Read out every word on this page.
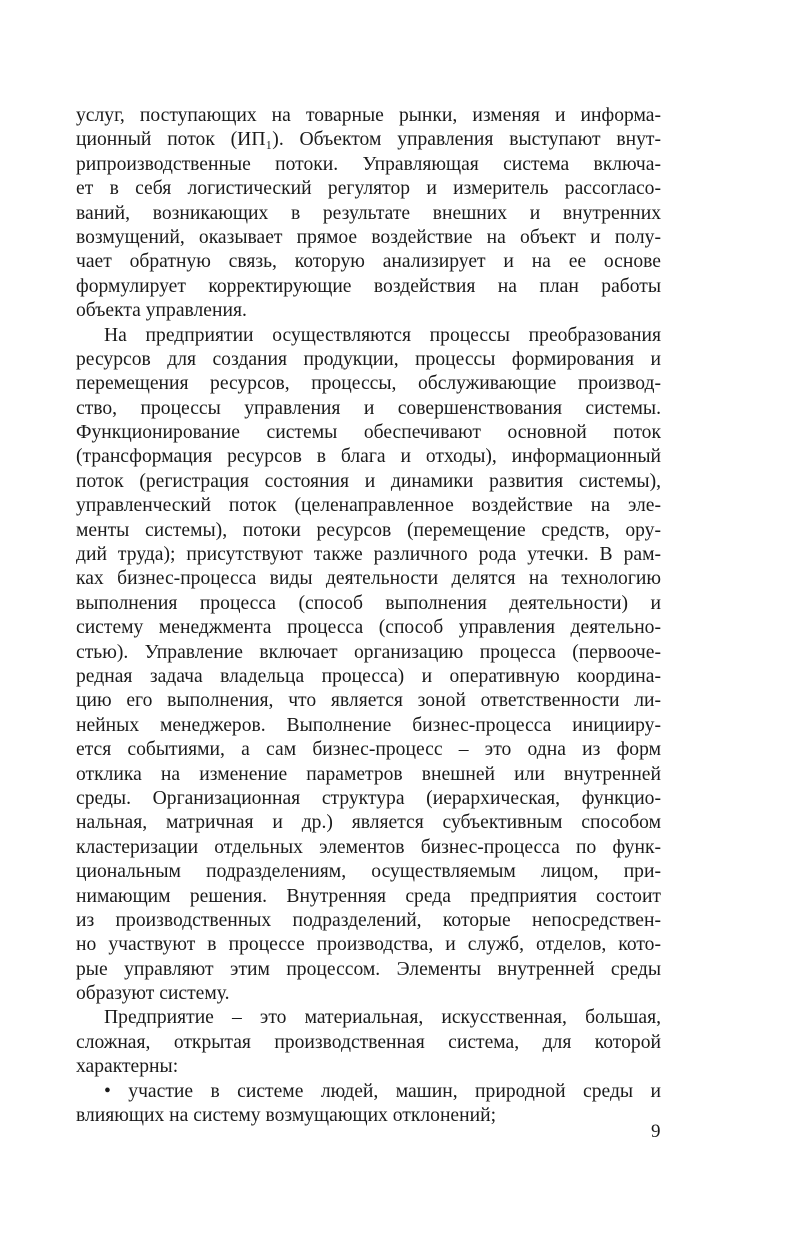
услуг, поступающих на товарные рынки, изменяя и информа-
ционный поток (ИП₁). Объектом управления выступают внут-
рипроизводственные потоки. Управляющая система включа-
ет в себя логистический регулятор и измеритель рассогласо-
ваний, возникающих в результате внешних и внутренних
возмущений, оказывает прямое воздействие на объект и полу-
чает обратную связь, которую анализирует и на ее основе
формулирует корректирующие воздействия на план работы
объекта управления.
На предприятии осуществляются процессы преобразования
ресурсов для создания продукции, процессы формирования и
перемещения ресурсов, процессы, обслуживающие производ-
ство, процессы управления и совершенствования системы.
Функционирование системы обеспечивают основной поток
(трансформация ресурсов в блага и отходы), информационный
поток (регистрация состояния и динамики развития системы),
управленческий поток (целенаправленное воздействие на эле-
менты системы), потоки ресурсов (перемещение средств, ору-
дий труда); присутствуют также различного рода утечки. В рам-
ках бизнес-процесса виды деятельности делятся на технологию
выполнения процесса (способ выполнения деятельности) и
систему менеджмента процесса (способ управления деятельно-
стью). Управление включает организацию процесса (первооче-
редная задача владельца процесса) и оперативную координа-
цию его выполнения, что является зоной ответственности ли-
нейных менеджеров. Выполнение бизнес-процесса иницииру-
ется событиями, а сам бизнес-процесс – это одна из форм
отклика на изменение параметров внешней или внутренней
среды. Организационная структура (иерархическая, функцио-
нальная, матричная и др.) является субъективным способом
кластеризации отдельных элементов бизнес-процесса по функ-
циональным подразделениям, осуществляемым лицом, при-
нимающим решения. Внутренняя среда предприятия состоит
из производственных подразделений, которые непосредствен-
но участвуют в процессе производства, и служб, отделов, кото-
рые управляют этим процессом. Элементы внутренней среды
образуют систему.
Предприятие – это материальная, искусственная, большая,
сложная, открытая производственная система, для которой
характерны:
• участие в системе людей, машин, природной среды и
влияющих на систему возмущающих отклонений;
9
